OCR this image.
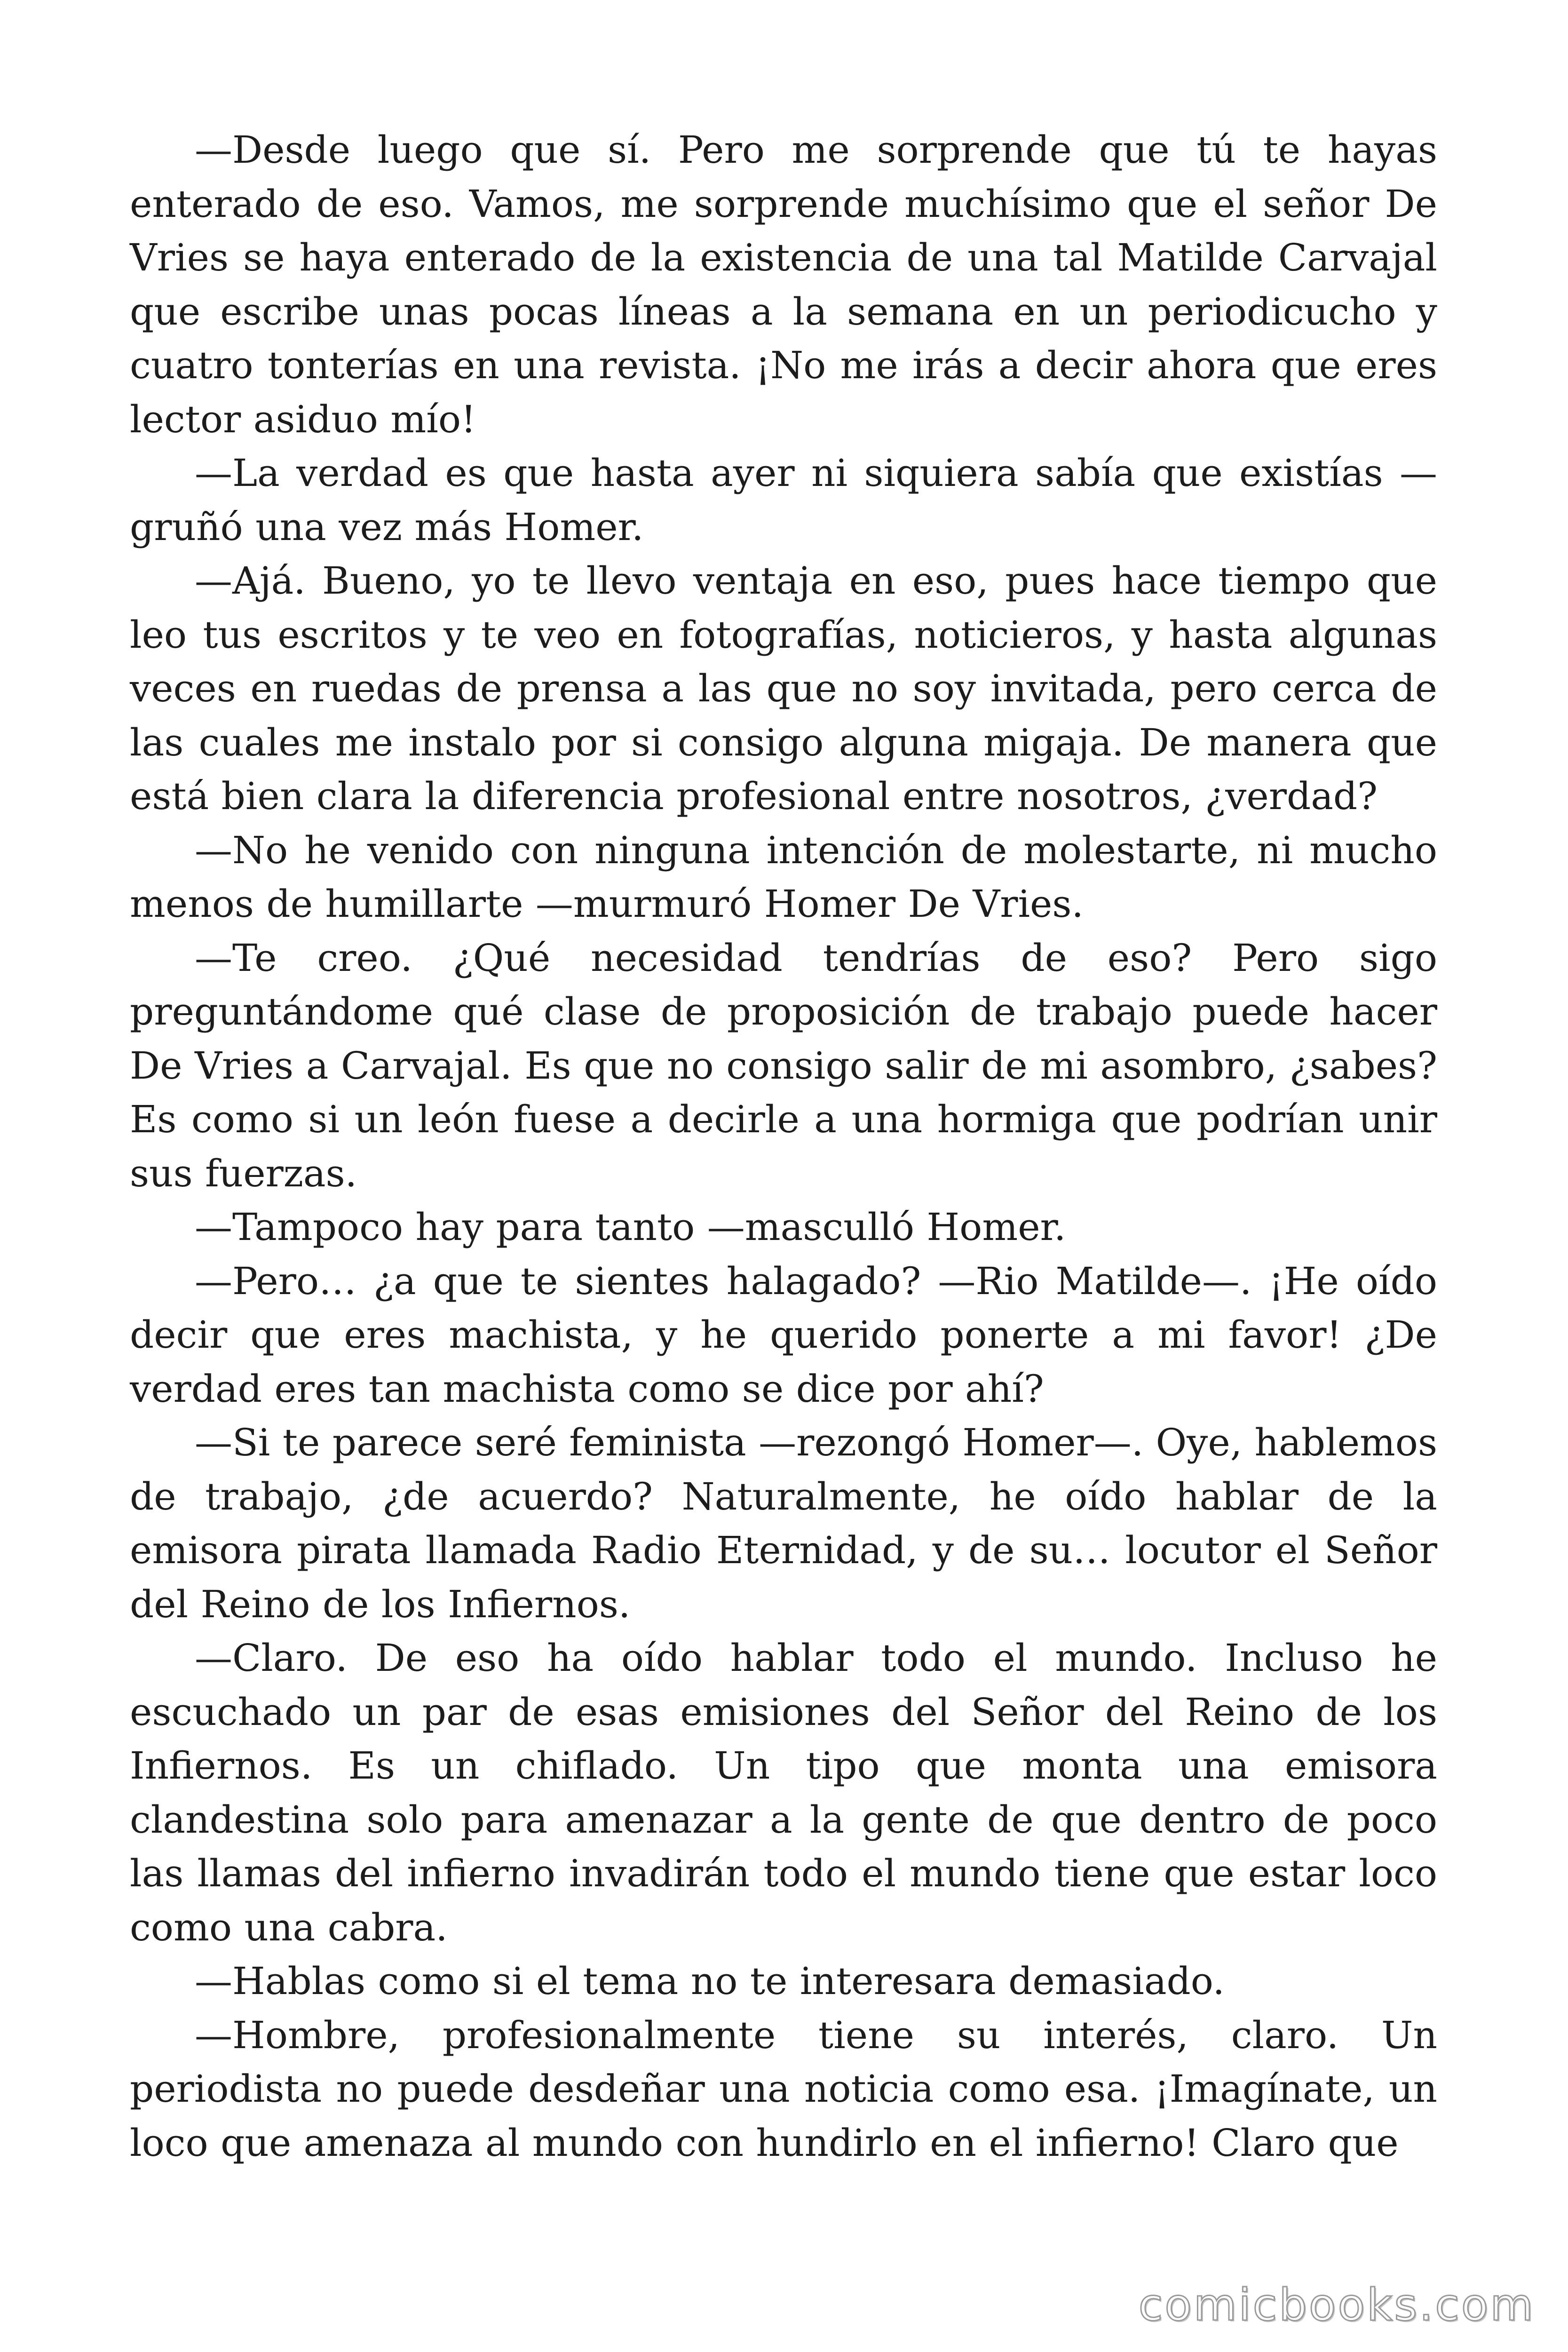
—Desde luego que sí. Pero me sorprende que tú te hayas enterado de eso. Vamos, me sorprende muchísimo que el señor De Vries se haya enterado de la existencia de una tal Matilde Carvajal que escribe unas pocas líneas a la semana en un periodicucho y cuatro tonterías en una revista. ¡No me irás a decir ahora que eres lector asiduo mío!

—La verdad es que hasta ayer ni siquiera sabía que existías —gruñó una vez más Homer.

—Ajá. Bueno, yo te llevo ventaja en eso, pues hace tiempo que leo tus escritos y te veo en fotografías, noticieros, y hasta algunas veces en ruedas de prensa a las que no soy invitada, pero cerca de las cuales me instalo por si consigo alguna migaja. De manera que está bien clara la diferencia profesional entre nosotros, ¿verdad?

—No he venido con ninguna intención de molestarte, ni mucho menos de humillarte —murmuró Homer De Vries.

—Te creo. ¿Qué necesidad tendrías de eso? Pero sigo preguntándome qué clase de proposición de trabajo puede hacer De Vries a Carvajal. Es que no consigo salir de mi asombro, ¿sabes? Es como si un león fuese a decirle a una hormiga que podrían unir sus fuerzas.

—Tampoco hay para tanto —masculló Homer.

—Pero… ¿a que te sientes halagado? —Rio Matilde—. ¡He oído decir que eres machista, y he querido ponerte a mi favor! ¿De verdad eres tan machista como se dice por ahí?

—Si te parece seré feminista —rezongó Homer—. Oye, hablemos de trabajo, ¿de acuerdo? Naturalmente, he oído hablar de la emisora pirata llamada Radio Eternidad, y de su… locutor el Señor del Reino de los Infiernos.

—Claro. De eso ha oído hablar todo el mundo. Incluso he escuchado un par de esas emisiones del Señor del Reino de los Infiernos. Es un chiflado. Un tipo que monta una emisora clandestina solo para amenazar a la gente de que dentro de poco las llamas del infierno invadirán todo el mundo tiene que estar loco como una cabra.

—Hablas como si el tema no te interesara demasiado.

—Hombre, profesionalmente tiene su interés, claro. Un periodista no puede desdeñar una noticia como esa. ¡Imagínate, un loco que amenaza al mundo con hundirlo en el infierno! Claro que

comicbooks.com
